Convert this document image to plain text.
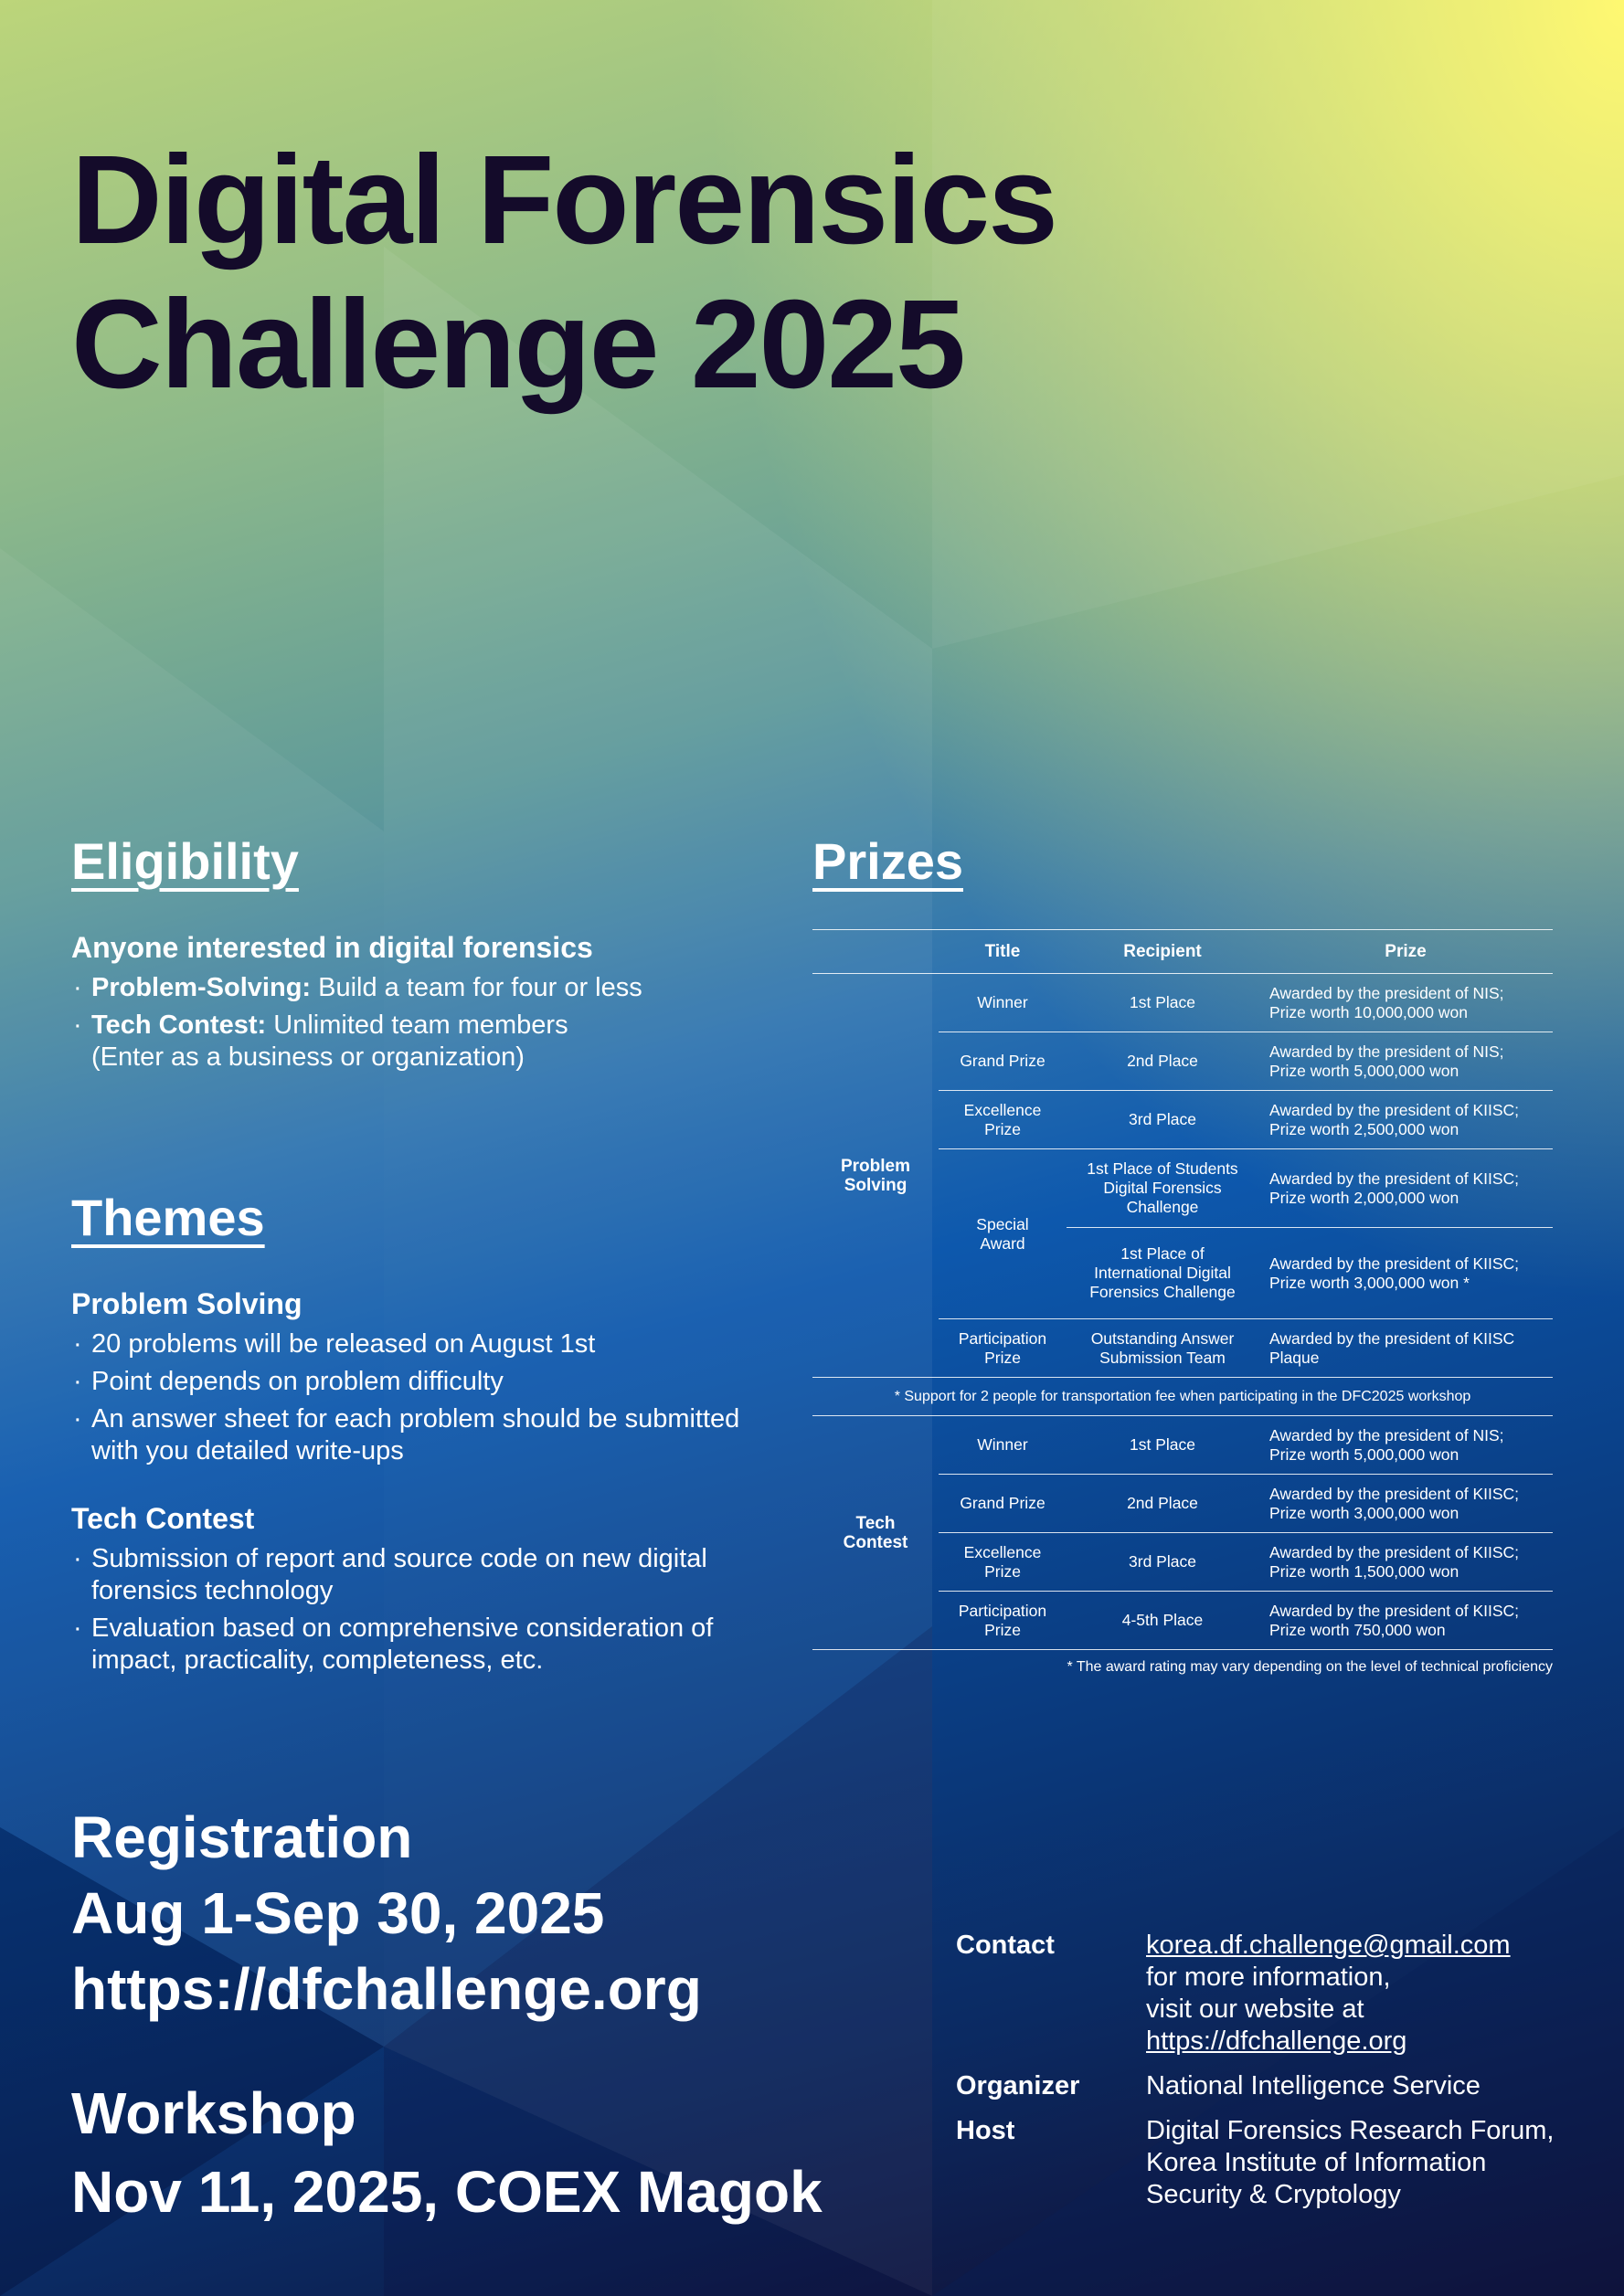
Digital Forensics
Challenge 2025
Eligibility
Anyone interested in digital forensics
· Problem-Solving: Build a team for four or less
· Tech Contest: Unlimited team members
(Enter as a business or organization)
Themes
Problem Solving
· 20 problems will be released on August 1st
· Point depends on problem difficulty
· An answer sheet for each problem should be submitted
with you detailed write-ups
Tech Contest
· Submission of report and source code on new digital
forensics technology
· Evaluation based on comprehensive consideration of
impact, practicality, completeness, etc.
Prizes
	Title	Recipient	Prize
Problem
Solving	Winner	1st Place	Awarded by the president of NIS;
Prize worth 10,000,000 won
	Grand Prize	2nd Place	Awarded by the president of NIS;
Prize worth 5,000,000 won
	Excellence
Prize	3rd Place	Awarded by the president of KIISC;
Prize worth 2,500,000 won
	Special
Award	1st Place of Students
Digital Forensics
Challenge	Awarded by the president of KIISC;
Prize worth 2,000,000 won
		1st Place of
International Digital
Forensics Challenge	Awarded by the president of KIISC;
Prize worth 3,000,000 won *
	Participation
Prize	Outstanding Answer
Submission Team	Awarded by the president of KIISC
Plaque
* Support for 2 people for transportation fee when participating in the DFC2025 workshop			
Tech
Contest	Winner	1st Place	Awarded by the president of NIS;
Prize worth 5,000,000 won
	Grand Prize	2nd Place	Awarded by the president of KIISC;
Prize worth 3,000,000 won
	Excellence
Prize	3rd Place	Awarded by the president of KIISC;
Prize worth 1,500,000 won
	Participation
Prize	4-5th Place	Awarded by the president of KIISC;
Prize worth 750,000 won
* The award rating may vary depending on the level of technical proficiency
Registration
Aug 1-Sep 30, 2025
https://dfchallenge.org
Workshop
Nov 11, 2025, COEX Magok
Contact	korea.df.challenge@gmail.com
for more information,
visit our website at
https://dfchallenge.org
Organizer	National Intelligence Service
Host	Digital Forensics Research Forum,
Korea Institute of Information
Security & Cryptology
